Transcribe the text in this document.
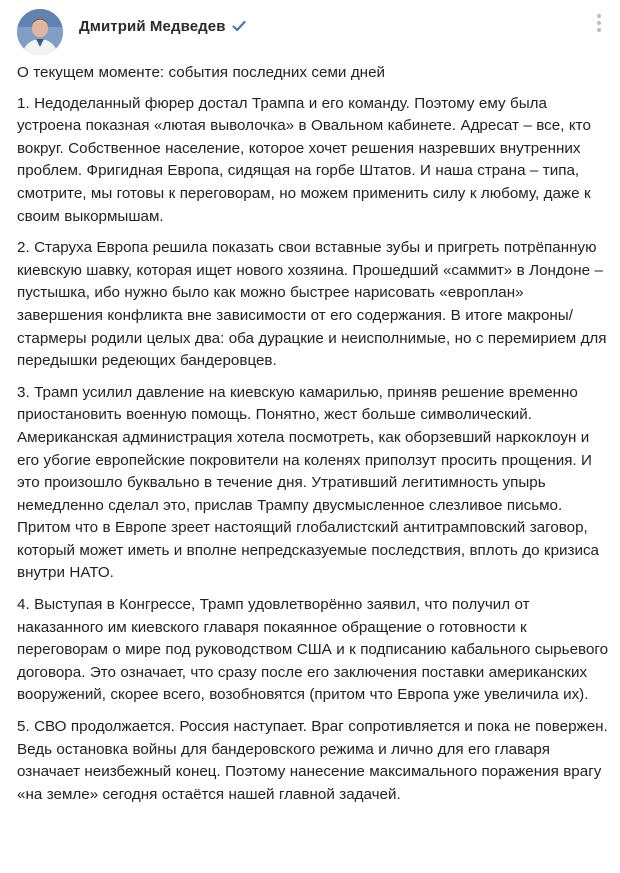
Дмитрий Медведев

О текущем моменте: события последних семи дней

1. Недоделанный фюрер достал Трампа и его команду. Поэтому ему была устроена показная «лютая выволочка» в Овальном кабинете. Адресат – все, кто вокруг. Собственное население, которое хочет решения назревших внутренних проблем. Фригидная Европа, сидящая на горбе Штатов. И наша страна – типа, смотрите, мы готовы к переговорам, но можем применить силу к любому, даже к своим выкормышам.

2. Старуха Европа решила показать свои вставные зубы и пригреть потрёпанную киевскую шавку, которая ищет нового хозяина. Прошедший «саммит» в Лондоне – пустышка, ибо нужно было как можно быстрее нарисовать «европлан» завершения конфликта вне зависимости от его содержания. В итоге макроны/стармеры родили целых два: оба дурацкие и неисполнимые, но с перемирием для передышки редеющих бандеровцев.

3. Трамп усилил давление на киевскую камарилью, приняв решение временно приостановить военную помощь. Понятно, жест больше символический. Американская администрация хотела посмотреть, как оборзевший наркоклоун и его убогие европейские покровители на коленях приползут просить прощения. И это произошло буквально в течение дня. Утративший легитимность упырь немедленно сделал это, прислав Трампу двусмысленное слезливое письмо. Притом что в Европе зреет настоящий глобалистский антитрамповский заговор, который может иметь и вполне непредсказуемые последствия, вплоть до кризиса внутри НАТО.

4. Выступая в Конгрессе, Трамп удовлетворённо заявил, что получил от наказанного им киевского главаря покаянное обращение о готовности к переговорам о мире под руководством США и к подписанию кабального сырьевого договора. Это означает, что сразу после его заключения поставки американских вооружений, скорее всего, возобновятся (притом что Европа уже увеличила их).

5. СВО продолжается. Россия наступает. Враг сопротивляется и пока не повержен. Ведь остановка войны для бандеровского режима и лично для его главаря означает неизбежный конец. Поэтому нанесение максимального поражения врагу «на земле» сегодня остаётся нашей главной задачей.
